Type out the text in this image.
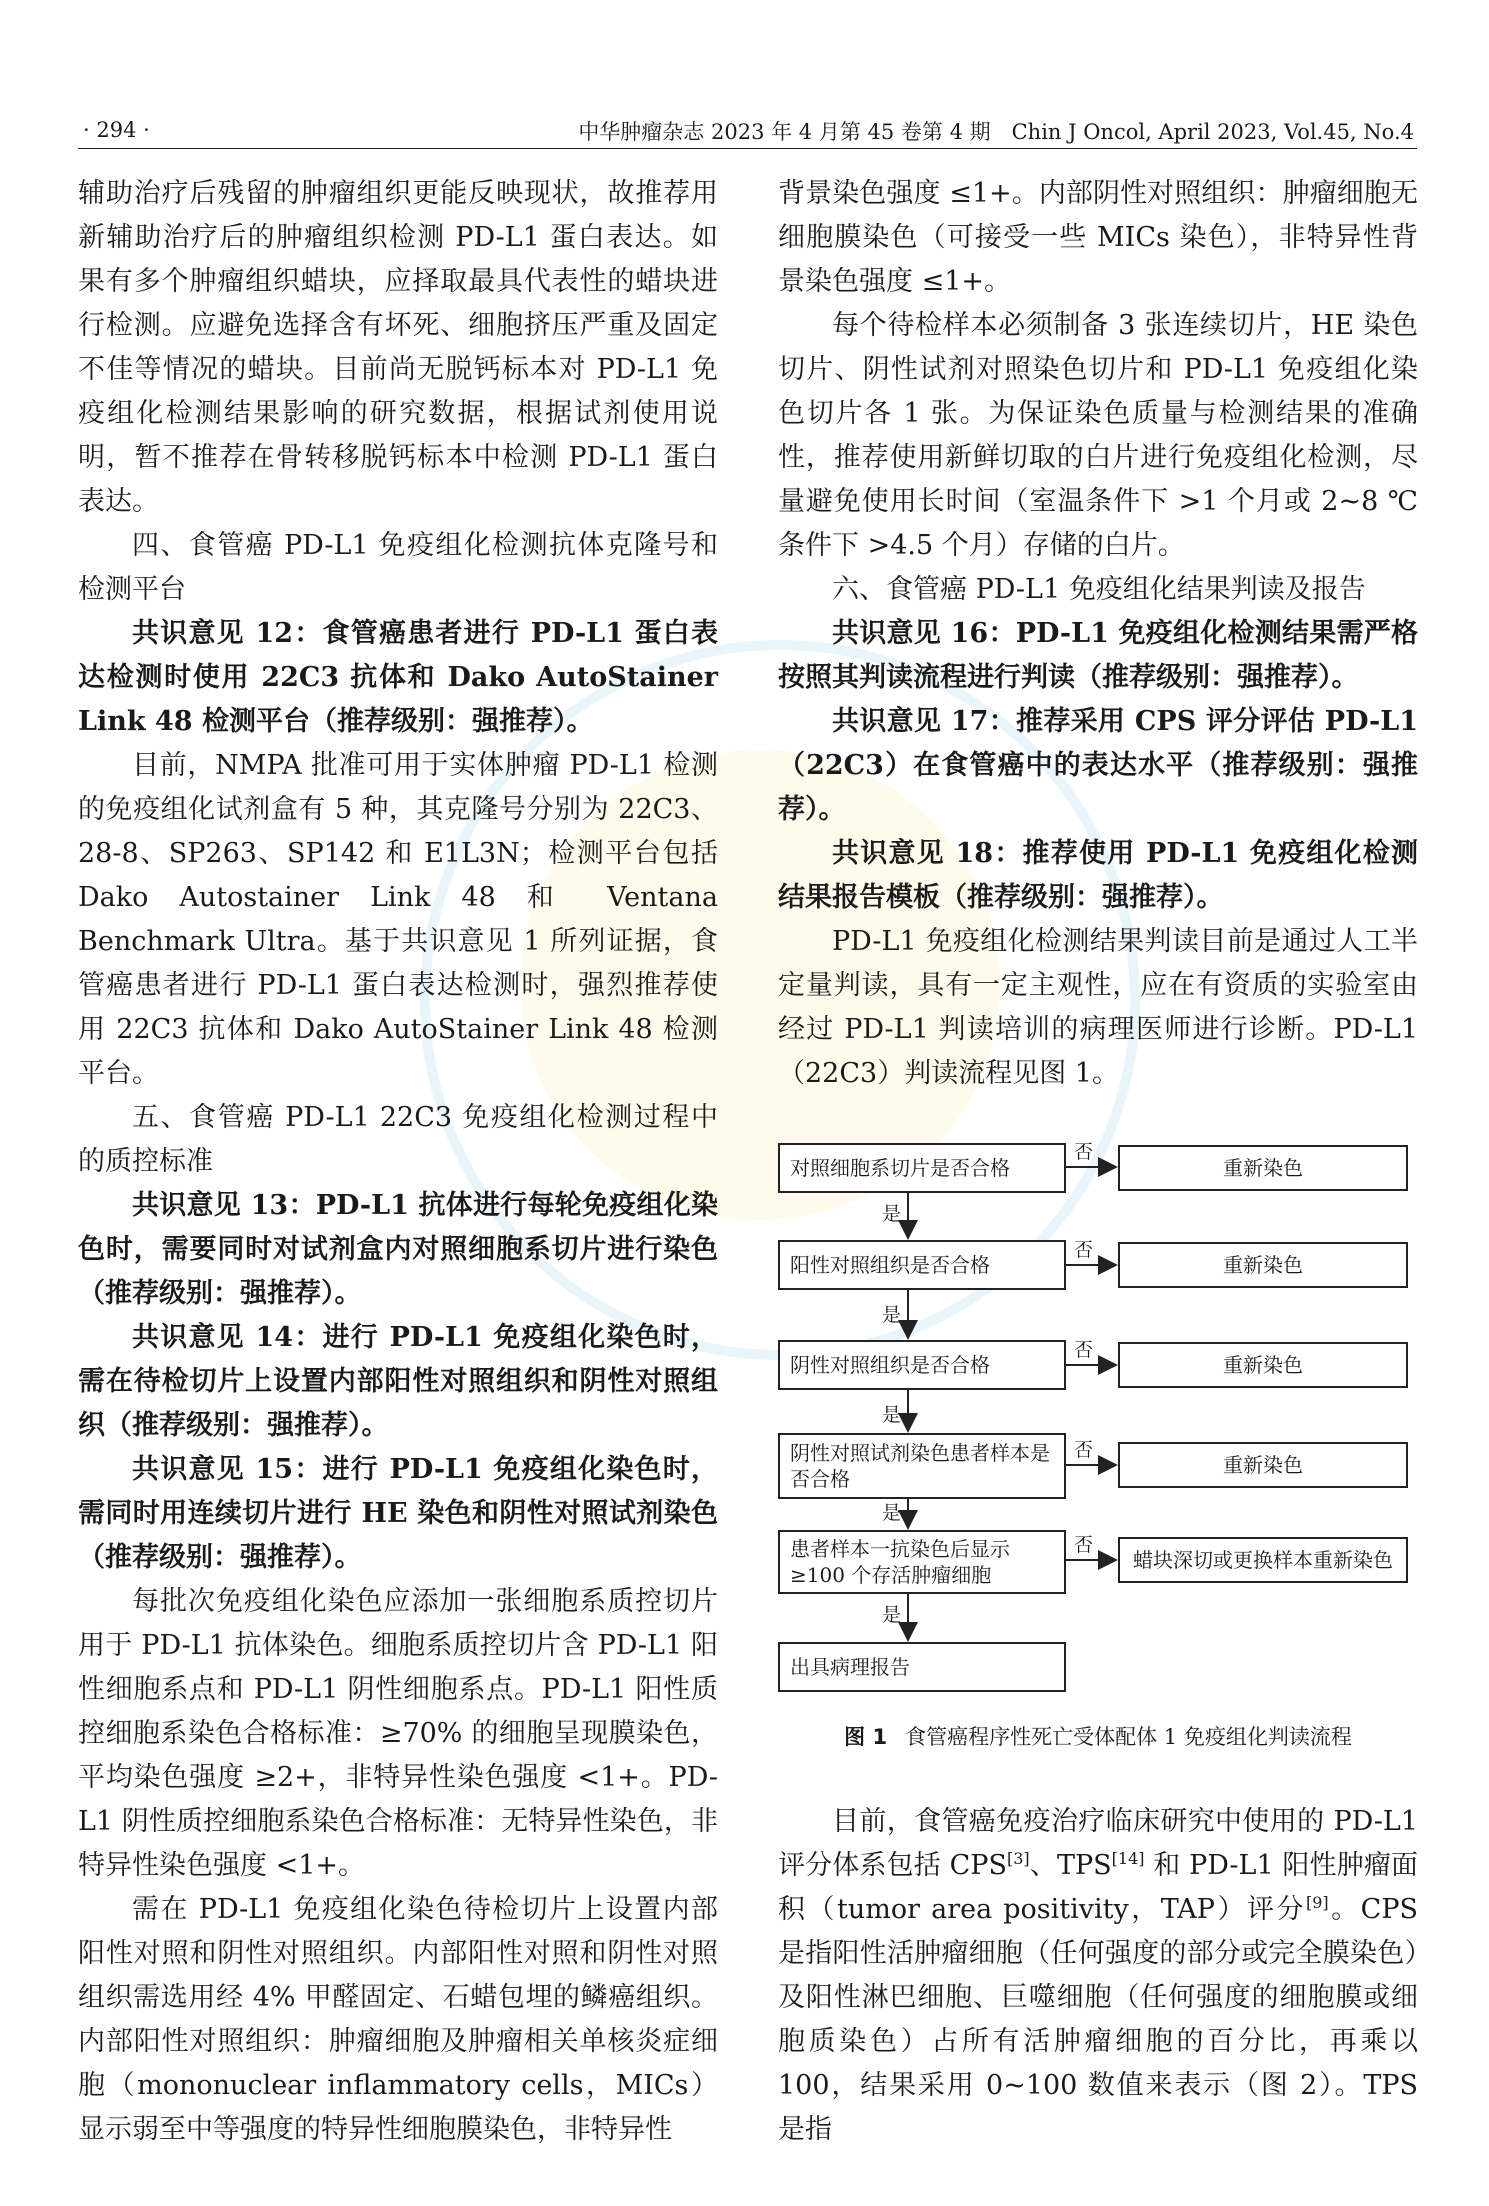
· 294 ·	中华肿瘤杂志 2023 年 4 月第 45 卷第 4 期　Chin J Oncol, April 2023, Vol.45, No.4

辅助治疗后残留的肿瘤组织更能反映现状，故推荐用新辅助治疗后的肿瘤组织检测 PD-L1 蛋白表达。如果有多个肿瘤组织蜡块，应择取最具代表性的蜡块进行检测。应避免选择含有坏死、细胞挤压严重及固定不佳等情况的蜡块。目前尚无脱钙标本对 PD-L1 免疫组化检测结果影响的研究数据，根据试剂使用说明，暂不推荐在骨转移脱钙标本中检测 PD-L1 蛋白表达。

四、食管癌 PD-L1 免疫组化检测抗体克隆号和检测平台

共识意见 12：食管癌患者进行 PD-L1 蛋白表达检测时使用 22C3 抗体和 Dako AutoStainer Link 48 检测平台（推荐级别：强推荐）。

目前，NMPA 批准可用于实体肿瘤 PD-L1 检测的免疫组化试剂盒有 5 种，其克隆号分别为 22C3、28-8、SP263、SP142 和 E1L3N；检测平台包括 Dako Autostainer Link 48 和 Ventana Benchmark Ultra。基于共识意见 1 所列证据，食管癌患者进行 PD-L1 蛋白表达检测时，强烈推荐使用 22C3 抗体和 Dako AutoStainer Link 48 检测平台。

五、食管癌 PD-L1 22C3 免疫组化检测过程中的质控标准

共识意见 13：PD-L1 抗体进行每轮免疫组化染色时，需要同时对试剂盒内对照细胞系切片进行染色（推荐级别：强推荐）。

共识意见 14：进行 PD-L1 免疫组化染色时，需在待检切片上设置内部阳性对照组织和阴性对照组织（推荐级别：强推荐）。

共识意见 15：进行 PD-L1 免疫组化染色时，需同时用连续切片进行 HE 染色和阴性对照试剂染色（推荐级别：强推荐）。

每批次免疫组化染色应添加一张细胞系质控切片用于 PD-L1 抗体染色。细胞系质控切片含 PD-L1 阳性细胞系点和 PD-L1 阴性细胞系点。PD-L1 阳性质控细胞系染色合格标准：≥70% 的细胞呈现膜染色，平均染色强度 ≥2+，非特异性染色强度 <1+。PD-L1 阴性质控细胞系染色合格标准：无特异性染色，非特异性染色强度 <1+。

需在 PD-L1 免疫组化染色待检切片上设置内部阳性对照和阴性对照组织。内部阳性对照和阴性对照组织需选用经 4% 甲醛固定、石蜡包埋的鳞癌组织。内部阳性对照组织：肿瘤细胞及肿瘤相关单核炎症细胞（mononuclear inflammatory cells，MICs）显示弱至中等强度的特异性细胞膜染色，非特异性

背景染色强度 ≤1+。内部阴性对照组织：肿瘤细胞无细胞膜染色（可接受一些 MICs 染色），非特异性背景染色强度 ≤1+。

每个待检样本必须制备 3 张连续切片，HE 染色切片、阴性试剂对照染色切片和 PD-L1 免疫组化染色切片各 1 张。为保证染色质量与检测结果的准确性，推荐使用新鲜切取的白片进行免疫组化检测，尽量避免使用长时间（室温条件下 >1 个月或 2~8 ℃条件下 >4.5 个月）存储的白片。

六、食管癌 PD-L1 免疫组化结果判读及报告

共识意见 16：PD-L1 免疫组化检测结果需严格按照其判读流程进行判读（推荐级别：强推荐）。

共识意见 17：推荐采用 CPS 评分评估 PD-L1（22C3）在食管癌中的表达水平（推荐级别：强推荐）。

共识意见 18：推荐使用 PD-L1 免疫组化检测结果报告模板（推荐级别：强推荐）。

PD-L1 免疫组化检测结果判读目前是通过人工半定量判读，具有一定主观性，应在有资质的实验室由经过 PD-L1 判读培训的病理医师进行诊断。PD-L1（22C3）判读流程见图 1。

对照细胞系切片是否合格
阳性对照组织是否合格
阴性对照组织是否合格
阴性对照试剂染色患者样本是否合格
患者样本一抗染色后显示≥100 个存活肿瘤细胞
出具病理报告
重新染色
重新染色
重新染色
重新染色
蜡块深切或更换样本重新染色
否
否
否
否
否
是
是
是
是
是
图 1 食管癌程序性死亡受体配体 1 免疫组化判读流程

目前，食管癌免疫治疗临床研究中使用的 PD-L1 评分体系包括 CPS[3]、TPS[14] 和 PD-L1 阳性肿瘤面积（tumor area positivity，TAP）评分[9]。CPS 是指阳性活肿瘤细胞（任何强度的部分或完全膜染色）及阳性淋巴细胞、巨噬细胞（任何强度的细胞膜或细胞质染色）占所有活肿瘤细胞的百分比，再乘以 100，结果采用 0~100 数值来表示（图 2）。TPS 是指
